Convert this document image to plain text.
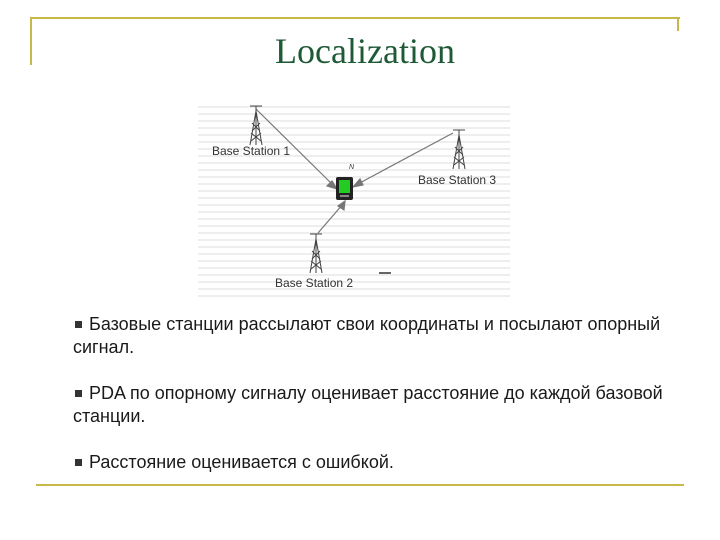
Localization
Base Station 1
Base Station 3
Base Station 2
N

Базовые станции рассылают свои координаты и посылают опорный сигнал.

PDA по опорному сигналу оценивает расстояние до каждой базовой станции.

Расстояние оценивается с ошибкой.
